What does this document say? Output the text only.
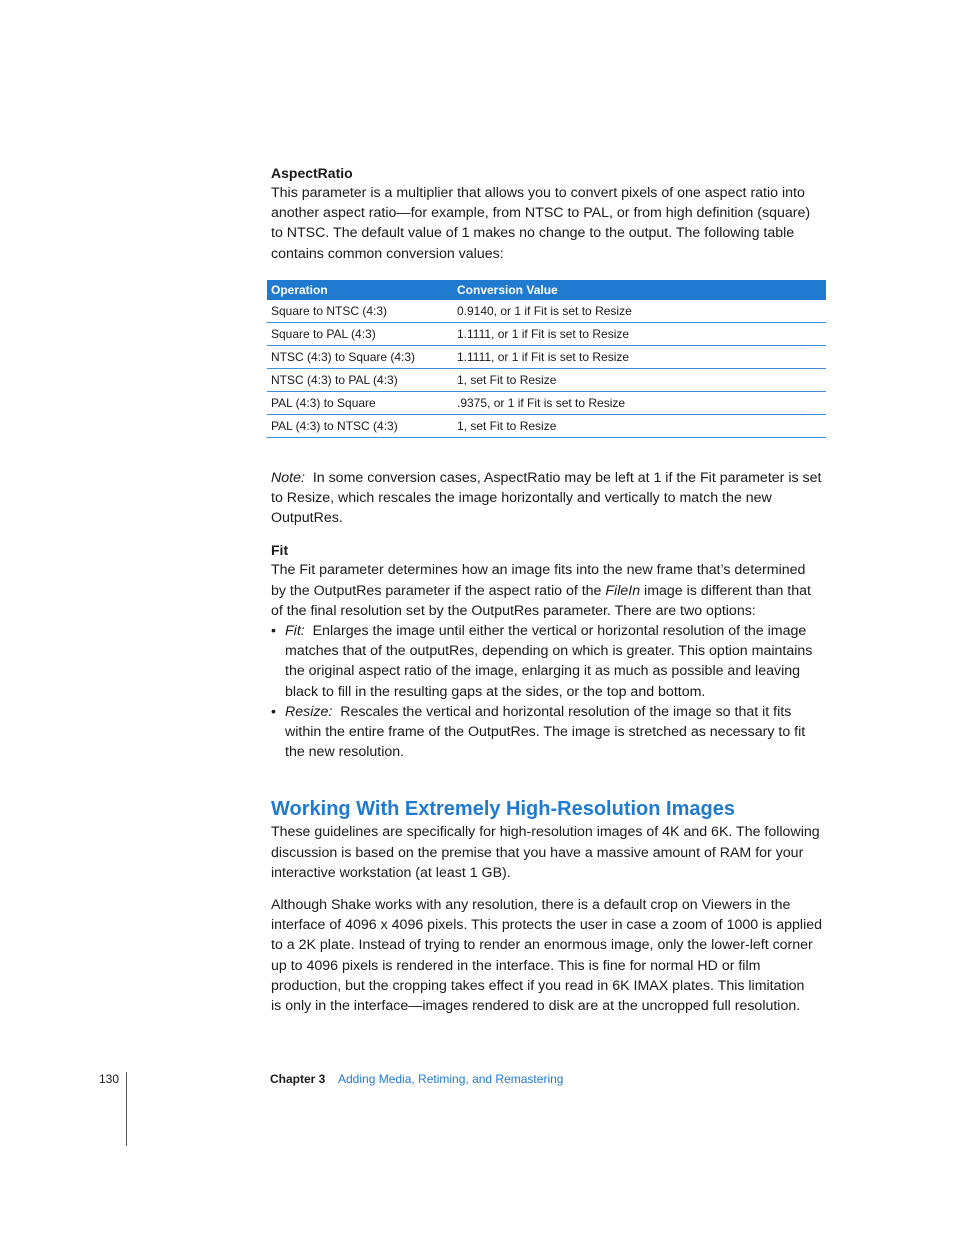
AspectRatio

This parameter is a multiplier that allows you to convert pixels of one aspect ratio into
another aspect ratio—for example, from NTSC to PAL, or from high definition (square)
to NTSC. The default value of 1 makes no change to the output. The following table
contains common conversion values:

Operation	Conversion Value
Square to NTSC (4:3)	0.9140, or 1 if Fit is set to Resize
Square to PAL (4:3)	1.1111, or 1 if Fit is set to Resize
NTSC (4:3) to Square (4:3)	1.1111, or 1 if Fit is set to Resize
NTSC (4:3) to PAL (4:3)	1, set Fit to Resize
PAL (4:3) to Square	.9375, or 1 if Fit is set to Resize
PAL (4:3) to NTSC (4:3)	1, set Fit to Resize

Note: In some conversion cases, AspectRatio may be left at 1 if the Fit parameter is set
to Resize, which rescales the image horizontally and vertically to match the new
OutputRes.

Fit

The Fit parameter determines how an image fits into the new frame that’s determined
by the OutputRes parameter if the aspect ratio of the FileIn image is different than that
of the final resolution set by the OutputRes parameter. There are two options:

• Fit: Enlarges the image until either the vertical or horizontal resolution of the image
matches that of the outputRes, depending on which is greater. This option maintains
the original aspect ratio of the image, enlarging it as much as possible and leaving
black to fill in the resulting gaps at the sides, or the top and bottom.
• Resize: Rescales the vertical and horizontal resolution of the image so that it fits
within the entire frame of the OutputRes. The image is stretched as necessary to fit
the new resolution.
Working With Extremely High-Resolution Images

These guidelines are specifically for high-resolution images of 4K and 6K. The following
discussion is based on the premise that you have a massive amount of RAM for your
interactive workstation (at least 1 GB).

Although Shake works with any resolution, there is a default crop on Viewers in the
interface of 4096 x 4096 pixels. This protects the user in case a zoom of 1000 is applied
to a 2K plate. Instead of trying to render an enormous image, only the lower-left corner
up to 4096 pixels is rendered in the interface. This is fine for normal HD or film
production, but the cropping takes effect if you read in 6K IMAX plates. This limitation
is only in the interface—images rendered to disk are at the uncropped full resolution.

130	Chapter 3 Adding Media, Retiming, and Remastering
